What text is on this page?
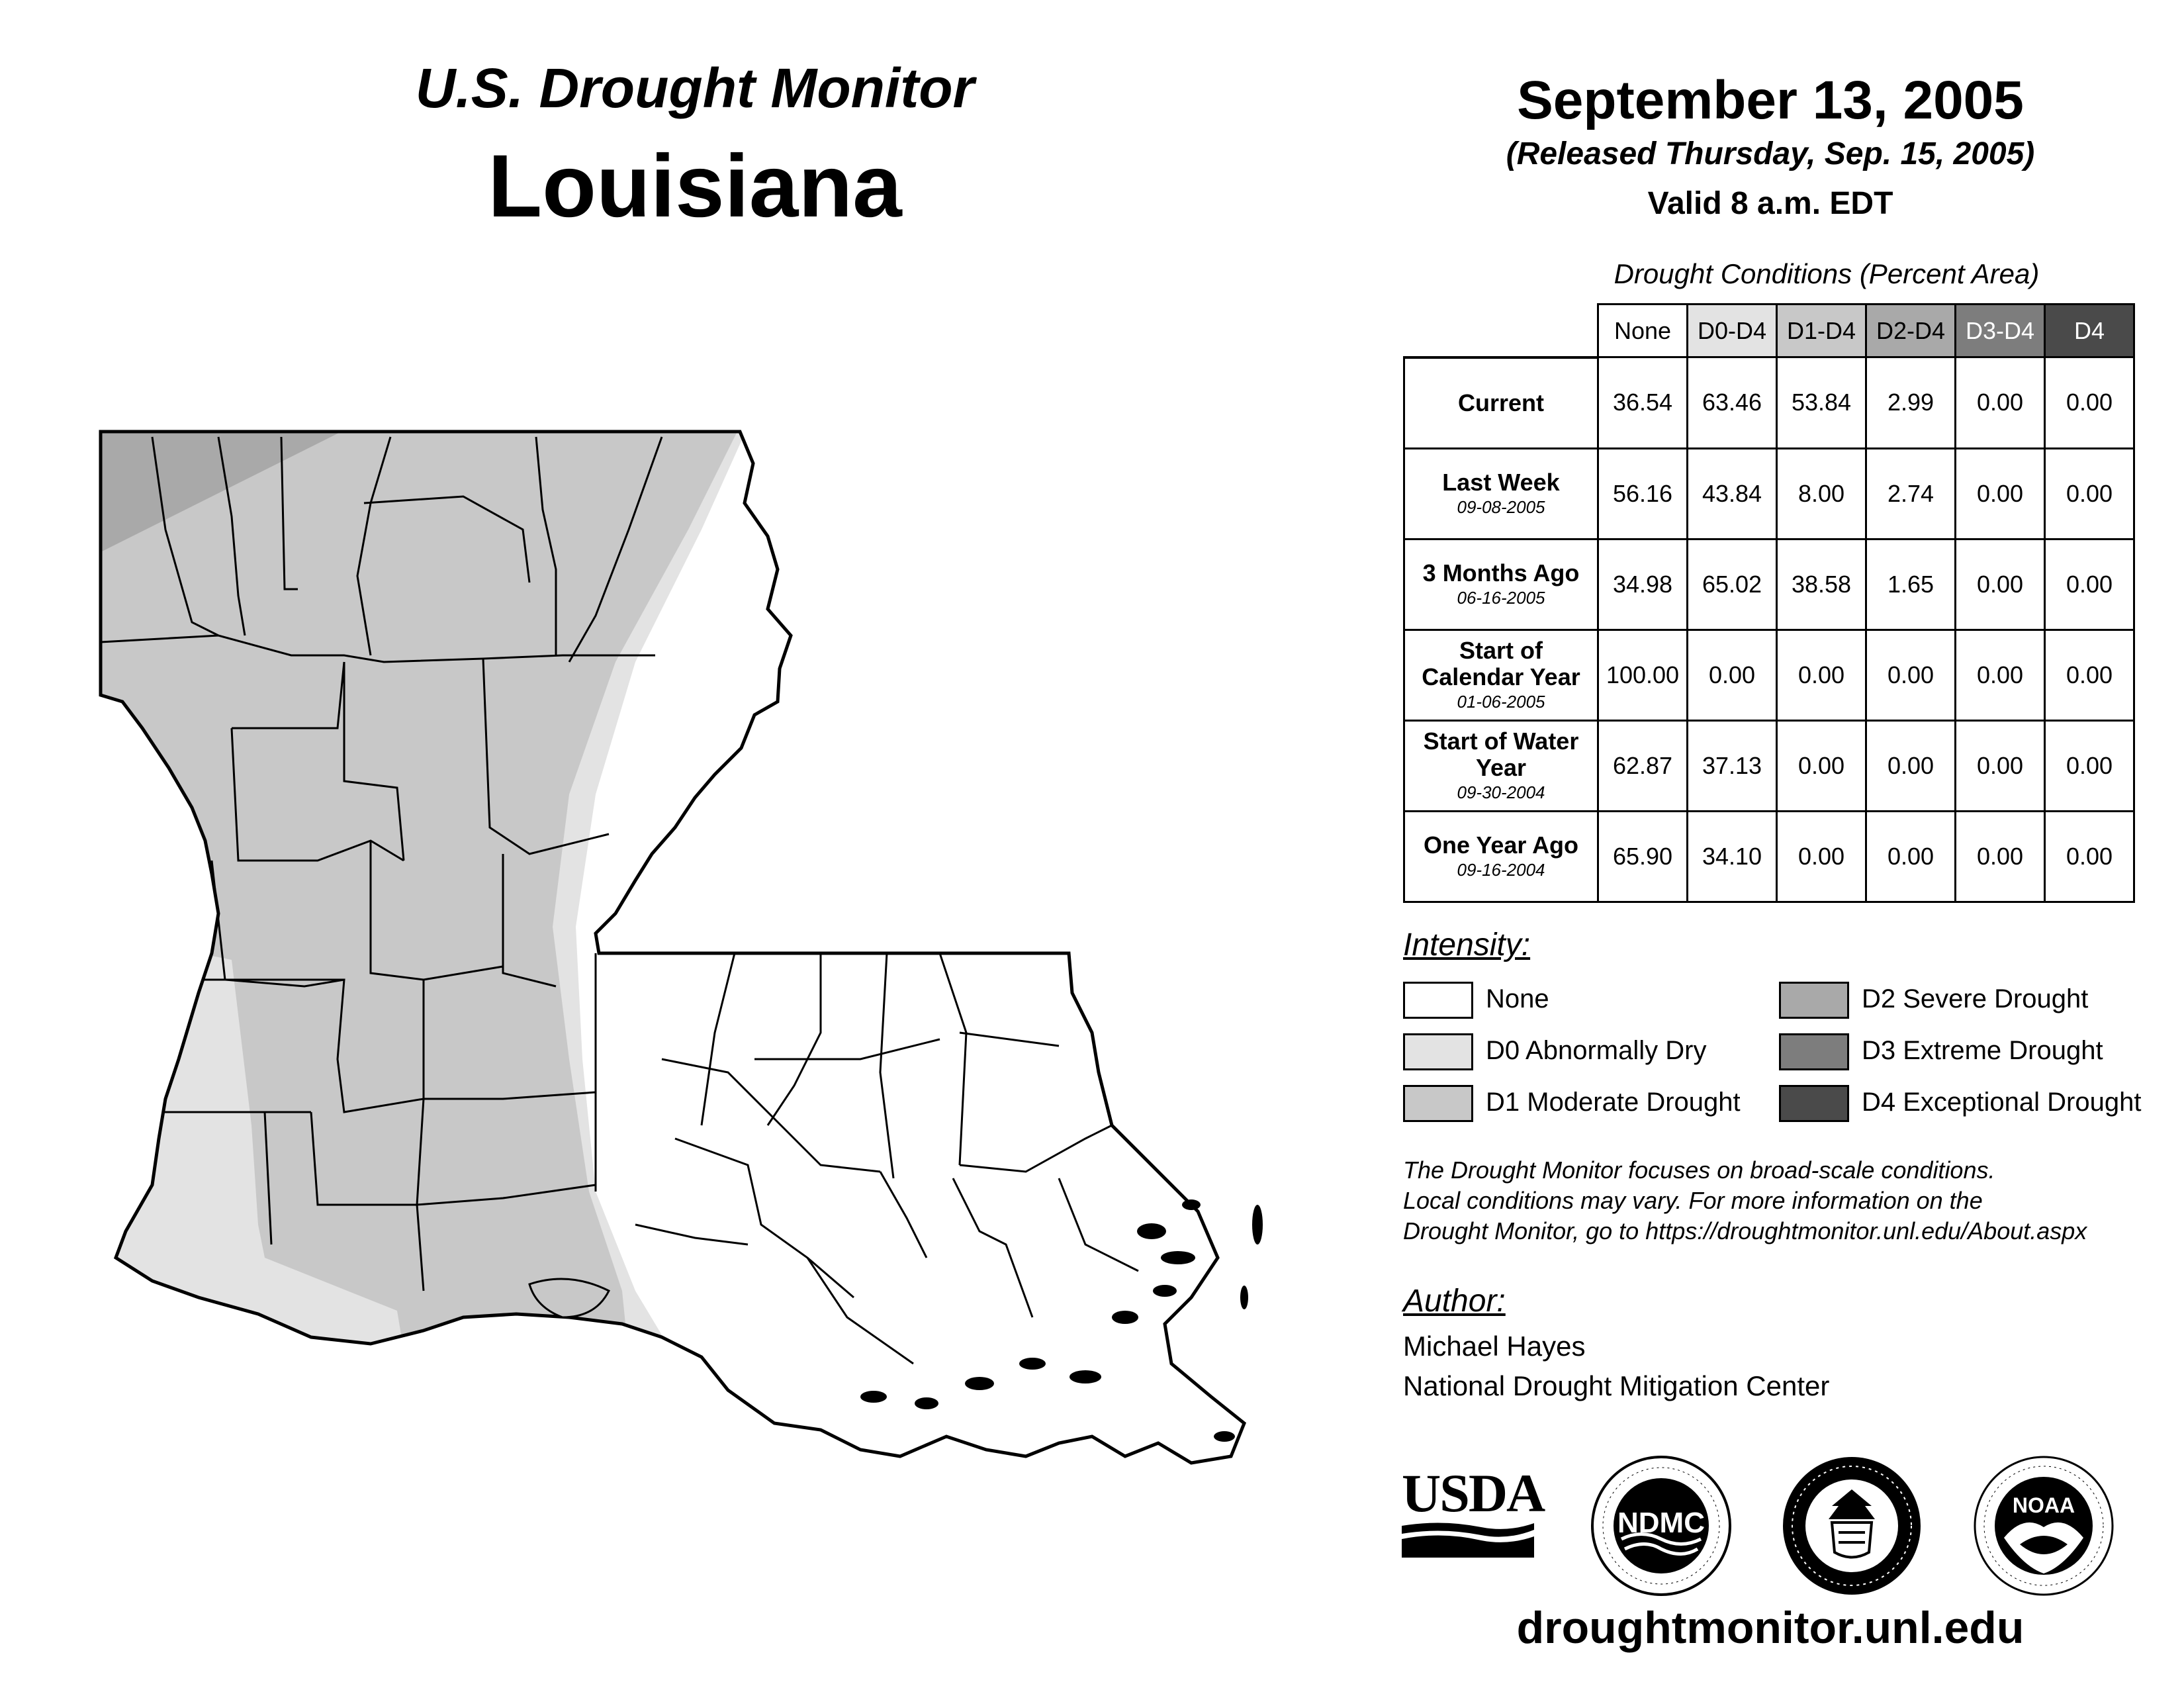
U.S. Drought Monitor
Louisiana
September 13, 2005
(Released Thursday, Sep. 15, 2005)
Valid 8 a.m. EDT
Drought Conditions (Percent Area)
	None	D0-D4	D1-D4	D2-D4	D3-D4	D4

Current	36.54	63.46	53.84	2.99	0.00	0.00

Last Week
09-08-2005	56.16	43.84	8.00	2.74	0.00	0.00

3 Months Ago
06-16-2005	34.98	65.02	38.58	1.65	0.00	0.00

Start of Calendar Year
01-06-2005	100.00	0.00	0.00	0.00	0.00	0.00

Start of Water Year
09-30-2004	62.87	37.13	0.00	0.00	0.00	0.00

One Year Ago
09-16-2004	65.90	34.10	0.00	0.00	0.00	0.00
Intensity:
None
D0 Abnormally Dry
D1 Moderate Drought
D2 Severe Drought
D3 Extreme Drought
D4 Exceptional Drought
The Drought Monitor focuses on broad-scale conditions.
Local conditions may vary. For more information on the
Drought Monitor, go to https://droughtmonitor.unl.edu/About.aspx
Author:
Michael Hayes
National Drought Mitigation Center
USDA	NDMC
NOAA
droughtmonitor.unl.edu
